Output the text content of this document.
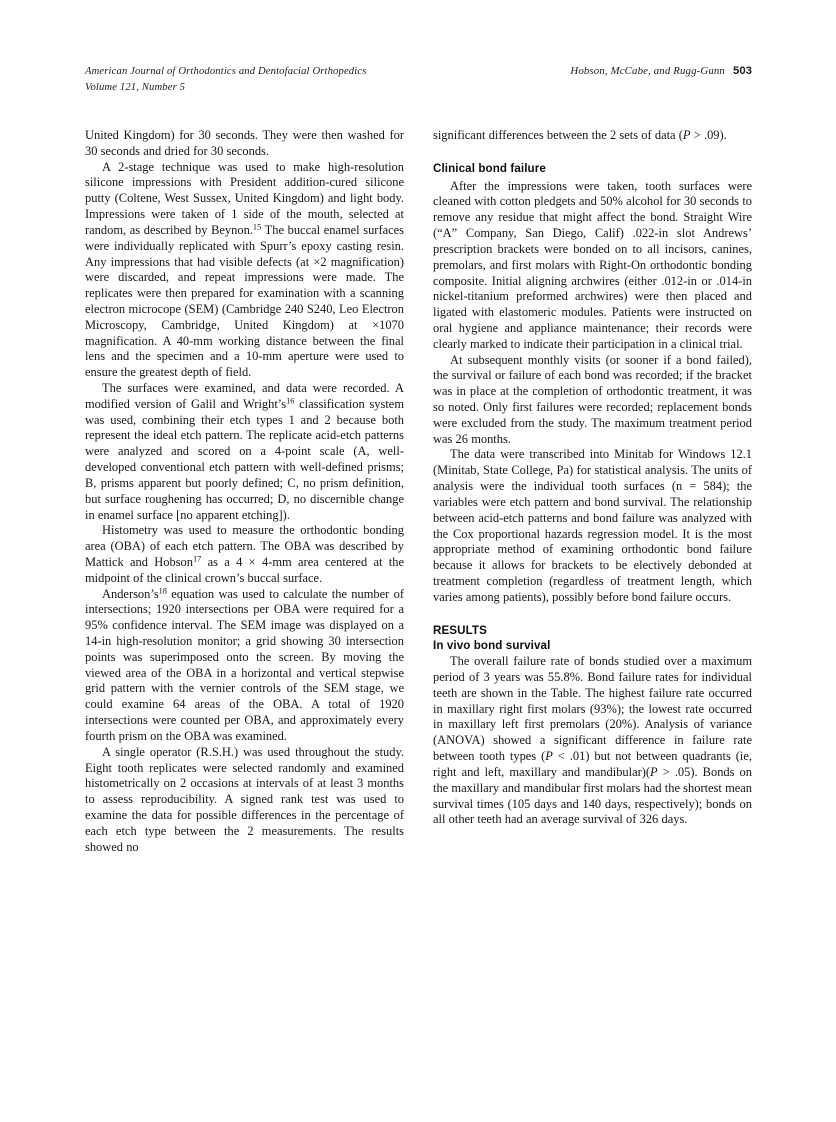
American Journal of Orthodontics and Dentofacial Orthopedics
Volume 121, Number 5
Hobson, McCabe, and Rugg-Gunn 503

United Kingdom) for 30 seconds. They were then washed for 30 seconds and dried for 30 seconds.

A 2-stage technique was used to make high-resolution silicone impressions with President addition-cured silicone putty (Coltene, West Sussex, United Kingdom) and light body. Impressions were taken of 1 side of the mouth, selected at random, as described by Beynon.$^{15}$ The buccal enamel surfaces were individually replicated with Spurr’s epoxy casting resin. Any impressions that had visible defects (at ×2 magnification) were discarded, and repeat impressions were made. The replicates were then prepared for examination with a scanning electron microcope (SEM) (Cambridge 240 S240, Leo Electron Microscopy, Cambridge, United Kingdom) at ×1070 magnification. A 40-mm working distance between the final lens and the specimen and a 10-mm aperture were used to ensure the greatest depth of field.

The surfaces were examined, and data were recorded. A modified version of Galil and $Wright’s^{16}$ classification system was used, combining their etch types 1 and 2 because both represent the ideal etch pattern. The replicate acid-etch patterns were analyzed and scored on a 4-point scale (A, well-developed conventional etch pattern with well-defined prisms; B, prisms apparent but poorly defined; C, no prism definition, but surface roughening has occurred; D, no discernible change in enamel surface [no apparent etching]).

Histometry was used to measure the orthodontic bonding area (OBA) of each etch pattern. The OBA was described by Mattick and Hobson$^{17}$ as a 4 × 4-mm area centered at the midpoint of the clinical crown’s buccal surface.

$Anderson’s^{18}$ equation was used to calculate the number of intersections; 1920 intersections per OBA were required for a 95% confidence interval. The SEM image was displayed on a 14-in high-resolution monitor; a grid showing 30 intersection points was superimposed onto the screen. By moving the viewed area of the OBA in a horizontal and vertical stepwise grid pattern with the vernier controls of the SEM stage, we could examine 64 areas of the OBA. A total of 1920 intersections were counted per OBA, and approximately every fourth prism on the OBA was examined.

A single operator (R.S.H.) was used throughout the study. Eight tooth replicates were selected randomly and examined histometrically on 2 occasions at intervals of at least 3 months to assess reproducibility. A signed rank test was used to examine the data for possible differences in the percentage of each etch type between the 2 measurements. The results showed no

significant differences between the 2 sets of data (P > .09).

Clinical bond failure

After the impressions were taken, tooth surfaces were cleaned with cotton pledgets and 50% alcohol for 30 seconds to remove any residue that might affect the bond. Straight Wire (“A” Company, San Diego, Calif) .022-in slot Andrews’ prescription brackets were bonded on to all incisors, canines, premolars, and first molars with Right-On orthodontic bonding composite. Initial aligning archwires (either .012-in or .014-in nickel-titanium preformed archwires) were then placed and ligated with elastomeric modules. Patients were instructed on oral hygiene and appliance maintenance; their records were clearly marked to indicate their participation in a clinical trial.

At subsequent monthly visits (or sooner if a bond failed), the survival or failure of each bond was recorded; if the bracket was in place at the completion of orthodontic treatment, it was so noted. Only first failures were recorded; replacement bonds were excluded from the study. The maximum treatment period was 26 months.

The data were transcribed into Minitab for Windows 12.1 (Minitab, State College, Pa) for statistical analysis. The units of analysis were the individual tooth surfaces (n = 584); the variables were etch pattern and bond survival. The relationship between acid-etch patterns and bond failure was analyzed with the Cox proportional hazards regression model. It is the most appropriate method of examining orthodontic bond failure because it allows for brackets to be electively debonded at treatment completion (regardless of treatment length, which varies among patients), possibly before bond failure occurs.

RESULTS
In vivo bond survival

The overall failure rate of bonds studied over a maximum period of 3 years was 55.8%. Bond failure rates for individual teeth are shown in the Table. The highest failure rate occurred in maxillary right first molars (93%); the lowest rate occurred in maxillary left first premolars (20%). Analysis of variance (ANOVA) showed a significant difference in failure rate between tooth types (P < .01) but not between quadrants (ie, right and left, maxillary and mandibular)(P > .05). Bonds on the maxillary and mandibular first molars had the shortest mean survival times (105 days and 140 days, respectively); bonds on all other teeth had an average survival of 326 days.
